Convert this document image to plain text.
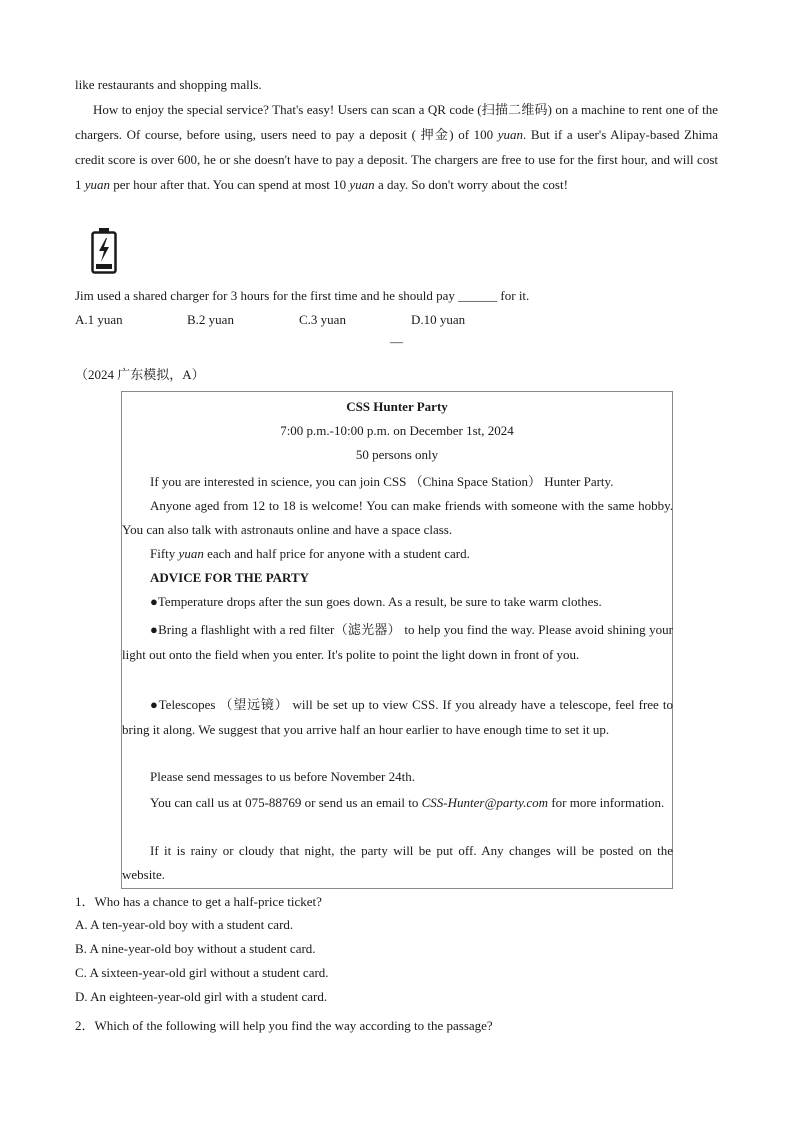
like restaurants and shopping malls.
How to enjoy the special service? That's easy! Users can scan a QR code (扫描二维码) on a machine to rent one of the chargers. Of course, before using, users need to pay a deposit ( 押金) of 100 yuan. But if a user's Alipay-based Zhima credit score is over 600, he or she doesn't have to pay a deposit. The chargers are free to use for the first hour, and will cost 1 yuan per hour after that. You can spend at most 10 yuan a day. So don't worry about the cost!
Jim used a shared charger for 3 hours for the first time and he should pay ______ for it.
A.1 yuan	B.2 yuan	C.3 yuan	D.10 yuan
—
（2024 广东模拟，A）
CSS Hunter Party
7:00 p.m.-10:00 p.m. on December 1st, 2024
50 persons only
If you are interested in science, you can join CSS （China Space Station） Hunter Party.
Anyone aged from 12 to 18 is welcome! You can make friends with someone with the same hobby. You can also talk with astronauts online and have a space class.
Fifty yuan each and half price for anyone with a student card.
ADVICE FOR THE PARTY
●Temperature drops after the sun goes down. As a result, be sure to take warm clothes.
●Bring a flashlight with a red filter（滤光器） to help you find the way. Please avoid shining your light out onto the field when you enter. It's polite to point the light down in front of you.
●Telescopes （望远镜） will be set up to view CSS. If you already have a telescope, feel free to bring it along. We suggest that you arrive half an hour earlier to have enough time to set it up.
Please send messages to us before November 24th.
You can call us at 075-88769 or send us an email to CSS-Hunter@party.com for more information.
If it is rainy or cloudy that night, the party will be put off. Any changes will be posted on the website.
1．Who has a chance to get a half-price ticket?
A. A ten-year-old boy with a student card.
B. A nine-year-old boy without a student card.
C. A sixteen-year-old girl without a student card.
D. An eighteen-year-old girl with a student card.
2．Which of the following will help you find the way according to the passage?
